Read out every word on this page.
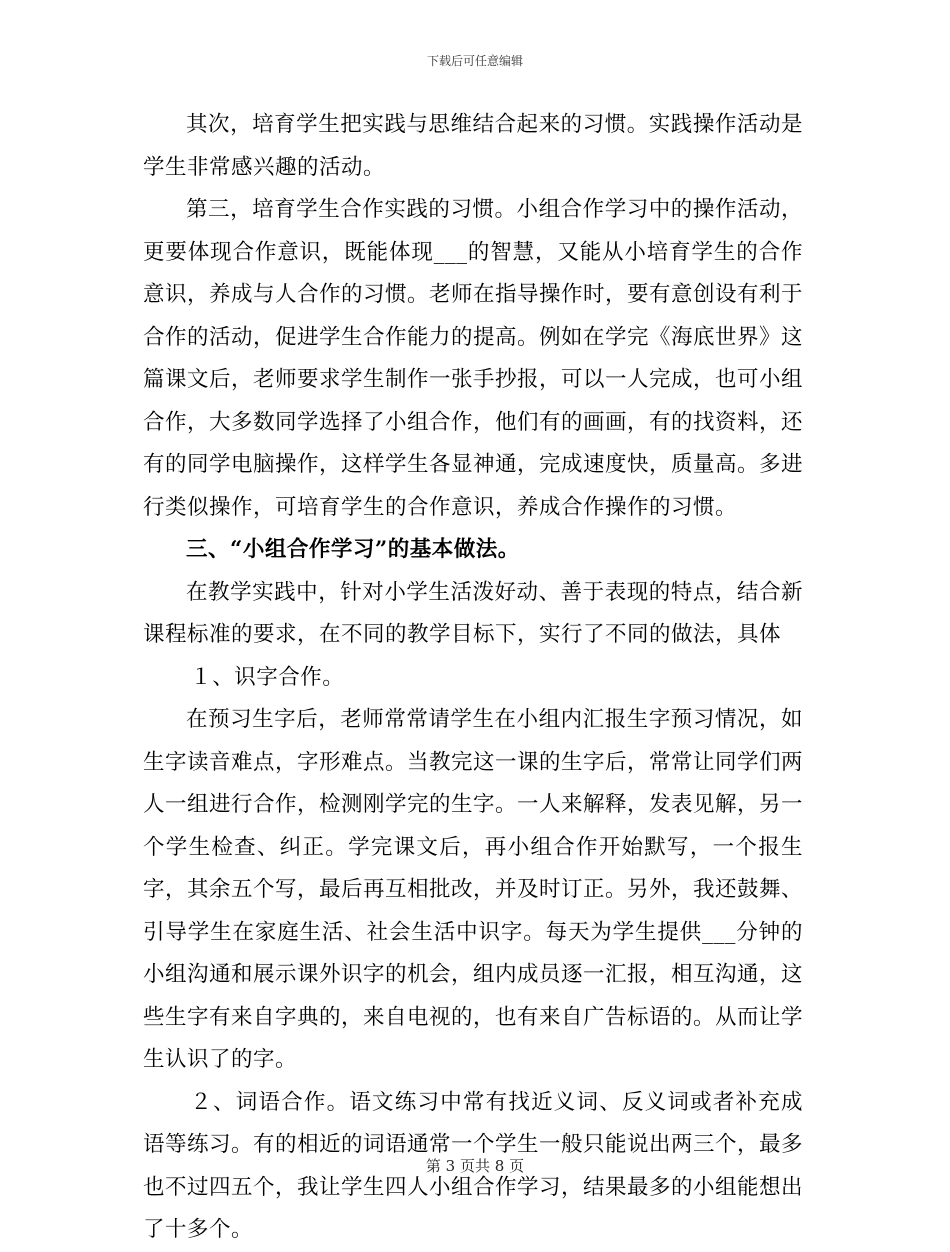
下载后可任意编辑

其次，培育学生把实践与思维结合起来的习惯。实践操作活动是学生非常感兴趣的活动。

第三，培育学生合作实践的习惯。小组合作学习中的操作活动，更要体现合作意识，既能体现___的智慧，又能从小培育学生的合作意识，养成与人合作的习惯。老师在指导操作时，要有意创设有利于合作的活动，促进学生合作能力的提高。例如在学完《海底世界》这篇课文后，老师要求学生制作一张手抄报，可以一人完成，也可小组合作，大多数同学选择了小组合作，他们有的画画，有的找资料，还有的同学电脑操作，这样学生各显神通，完成速度快，质量高。多进行类似操作，可培育学生的合作意识，养成合作操作的习惯。

三、“小组合作学习”的基本做法。

在教学实践中，针对小学生活泼好动、善于表现的特点，结合新课程标准的要求，在不同的教学目标下，实行了不同的做法，具体

１、识字合作。

在预习生字后，老师常常请学生在小组内汇报生字预习情况，如生字读音难点，字形难点。当教完这一课的生字后，常常让同学们两人一组进行合作，检测刚学完的生字。一人来解释，发表见解，另一个学生检查、纠正。学完课文后，再小组合作开始默写，一个报生字，其余五个写，最后再互相批改，并及时订正。另外，我还鼓舞、引导学生在家庭生活、社会生活中识字。每天为学生提供___分钟的小组沟通和展示课外识字的机会，组内成员逐一汇报，相互沟通，这些生字有来自字典的，来自电视的，也有来自广告标语的。从而让学生认识了的字。

２、词语合作。语文练习中常有找近义词、反义词或者补充成语等练习。有的相近的词语通常一个学生一般只能说出两三个，最多也不过四五个，我让学生四人小组合作学习，结果最多的小组能想出了十多个。

第 3 页共 8 页
